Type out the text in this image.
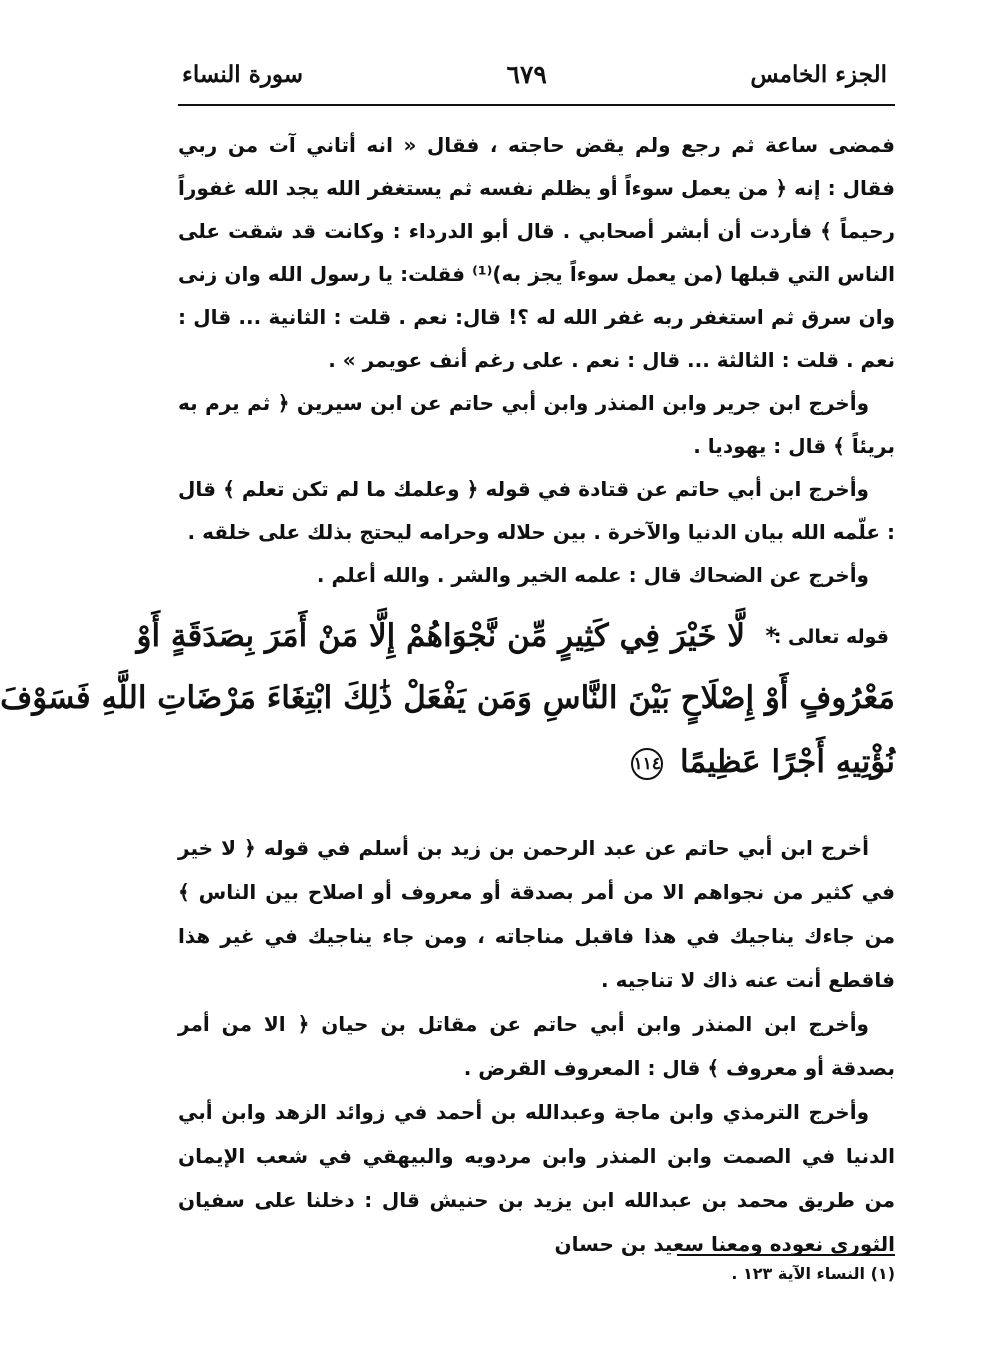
الجزء الخامس
٦٧٩
سورة النساء

فمضى ساعة ثم رجع ولم يقض حاجته ، فقال « انه أتاني آت من ربي فقال : إنه ﴿ من يعمل سوءاً أو يظلم نفسه ثم يستغفر الله يجد الله غفوراً رحيماً ﴾ فأردت أن أبشر أصحابي . قال أبو الدرداء : وكانت قد شقت على الناس التي قبلها (من يعمل سوءاً يجز به)⁽¹⁾ فقلت: يا رسول الله وان زنى وان سرق ثم استغفر ربه غفر الله له ؟! قال: نعم . قلت : الثانية ... قال : نعم . قلت : الثالثة ... قال : نعم . على رغم أنف عويمر » .

وأخرج ابن جرير وابن المنذر وابن أبي حاتم عن ابن سيرين ﴿ ثم يرم به بريئاً ﴾ قال : يهوديا .

وأخرج ابن أبي حاتم عن قتادة في قوله ﴿ وعلمك ما لم تكن تعلم ﴾ قال : علّمه الله بيان الدنيا والآخرة . بين حلاله وحرامه ليحتج بذلك على خلقه .

وأخرج عن الضحاك قال : علمه الخير والشر . والله أعلم .

قوله تعالى :
*
لَّا خَيْرَ فِي كَثِيرٍ مِّن نَّجْوَاهُمْ إِلَّا مَنْ أَمَرَ بِصَدَقَةٍ أَوْ
مَعْرُوفٍ أَوْ إِصْلَاحٍ بَيْنَ النَّاسِ وَمَن يَفْعَلْ ذَٰلِكَ ابْتِغَاءَ مَرْضَاتِ اللَّهِ فَسَوْفَ
نُؤْتِيهِ أَجْرًا عَظِيمًا ١١٤

أخرج ابن أبي حاتم عن عبد الرحمن بن زيد بن أسلم في قوله ﴿ لا خير في كثير من نجواهم الا من أمر بصدقة أو معروف أو اصلاح بين الناس ﴾ من جاءك يناجيك في هذا فاقبل مناجاته ، ومن جاء يناجيك في غير هذا فاقطع أنت عنه ذاك لا تناجيه .

وأخرج ابن المنذر وابن أبي حاتم عن مقاتل بن حيان ﴿ الا من أمر بصدقة أو معروف ﴾ قال : المعروف القرض .

وأخرج الترمذي وابن ماجة وعبدالله بن أحمد في زوائد الزهد وابن أبي الدنيا في الصمت وابن المنذر وابن مردويه والبيهقي في شعب الإيمان من طريق محمد بن عبدالله ابن يزيد بن حنيش قال : دخلنا على سفيان الثوري نعوده ومعنا سعيد بن حسان

(١) النساء الآية ١٢٣ .
